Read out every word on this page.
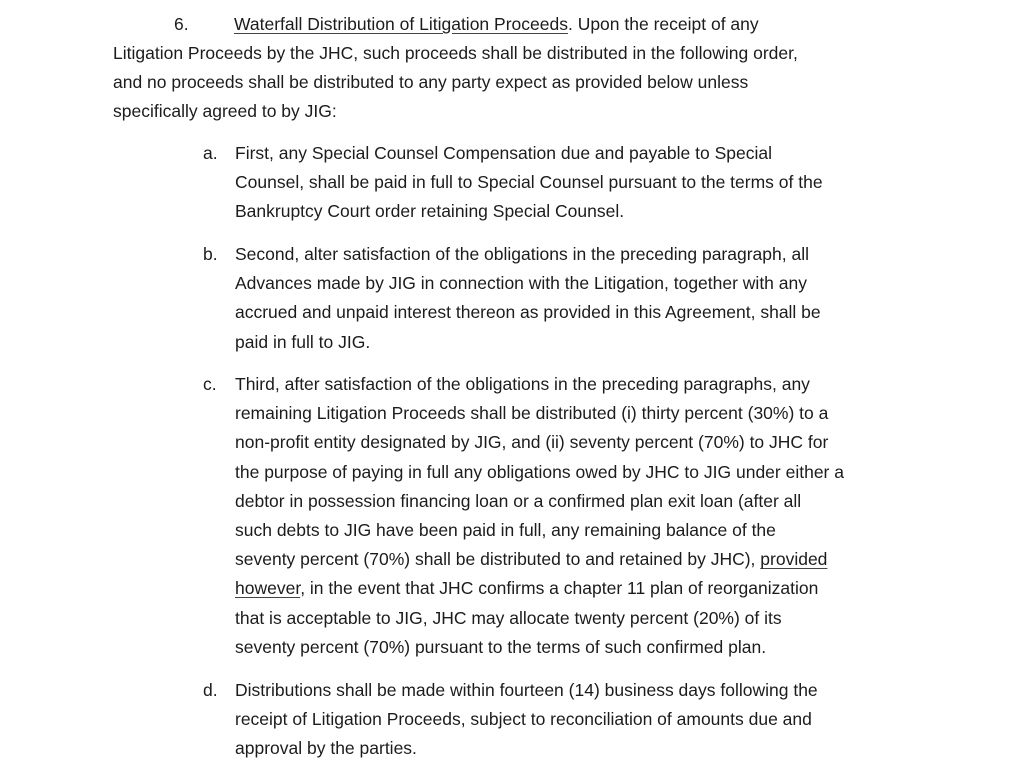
6.	Waterfall Distribution of Litigation Proceeds. Upon the receipt of any
Litigation Proceeds by the JHC, such proceeds shall be distributed in the following order,
and no proceeds shall be distributed to any party expect as provided below unless
specifically agreed to by JIG:
a. First, any Special Counsel Compensation due and payable to Special
Counsel, shall be paid in full to Special Counsel pursuant to the terms of the
Bankruptcy Court order retaining Special Counsel.
b. Second, alter satisfaction of the obligations in the preceding paragraph, all
Advances made by JIG in connection with the Litigation, together with any
accrued and unpaid interest thereon as provided in this Agreement, shall be
paid in full to JIG.
c.	Third, after satisfaction of the obligations in the preceding paragraphs, any
remaining Litigation Proceeds shall be distributed (i) thirty percent (30%) to a
non-profit entity designated by JIG, and (ii) seventy percent (70%) to JHC for
the purpose of paying in full any obligations owed by JHC to JIG under either a
debtor in possession financing loan or a confirmed plan exit loan (after all
such debts to JIG have been paid in full, any remaining balance of the
seventy percent (70%) shall be distributed to and retained by JHC), provided
however, in the event that JHC confirms a chapter 11 plan of reorganization
that is acceptable to JIG, JHC may allocate twenty percent (20%) of its
seventy percent (70%) pursuant to the terms of such confirmed plan.
d. Distributions shall be made within fourteen (14) business days following the
receipt of Litigation Proceeds, subject to reconciliation of amounts due and
approval by the parties.
